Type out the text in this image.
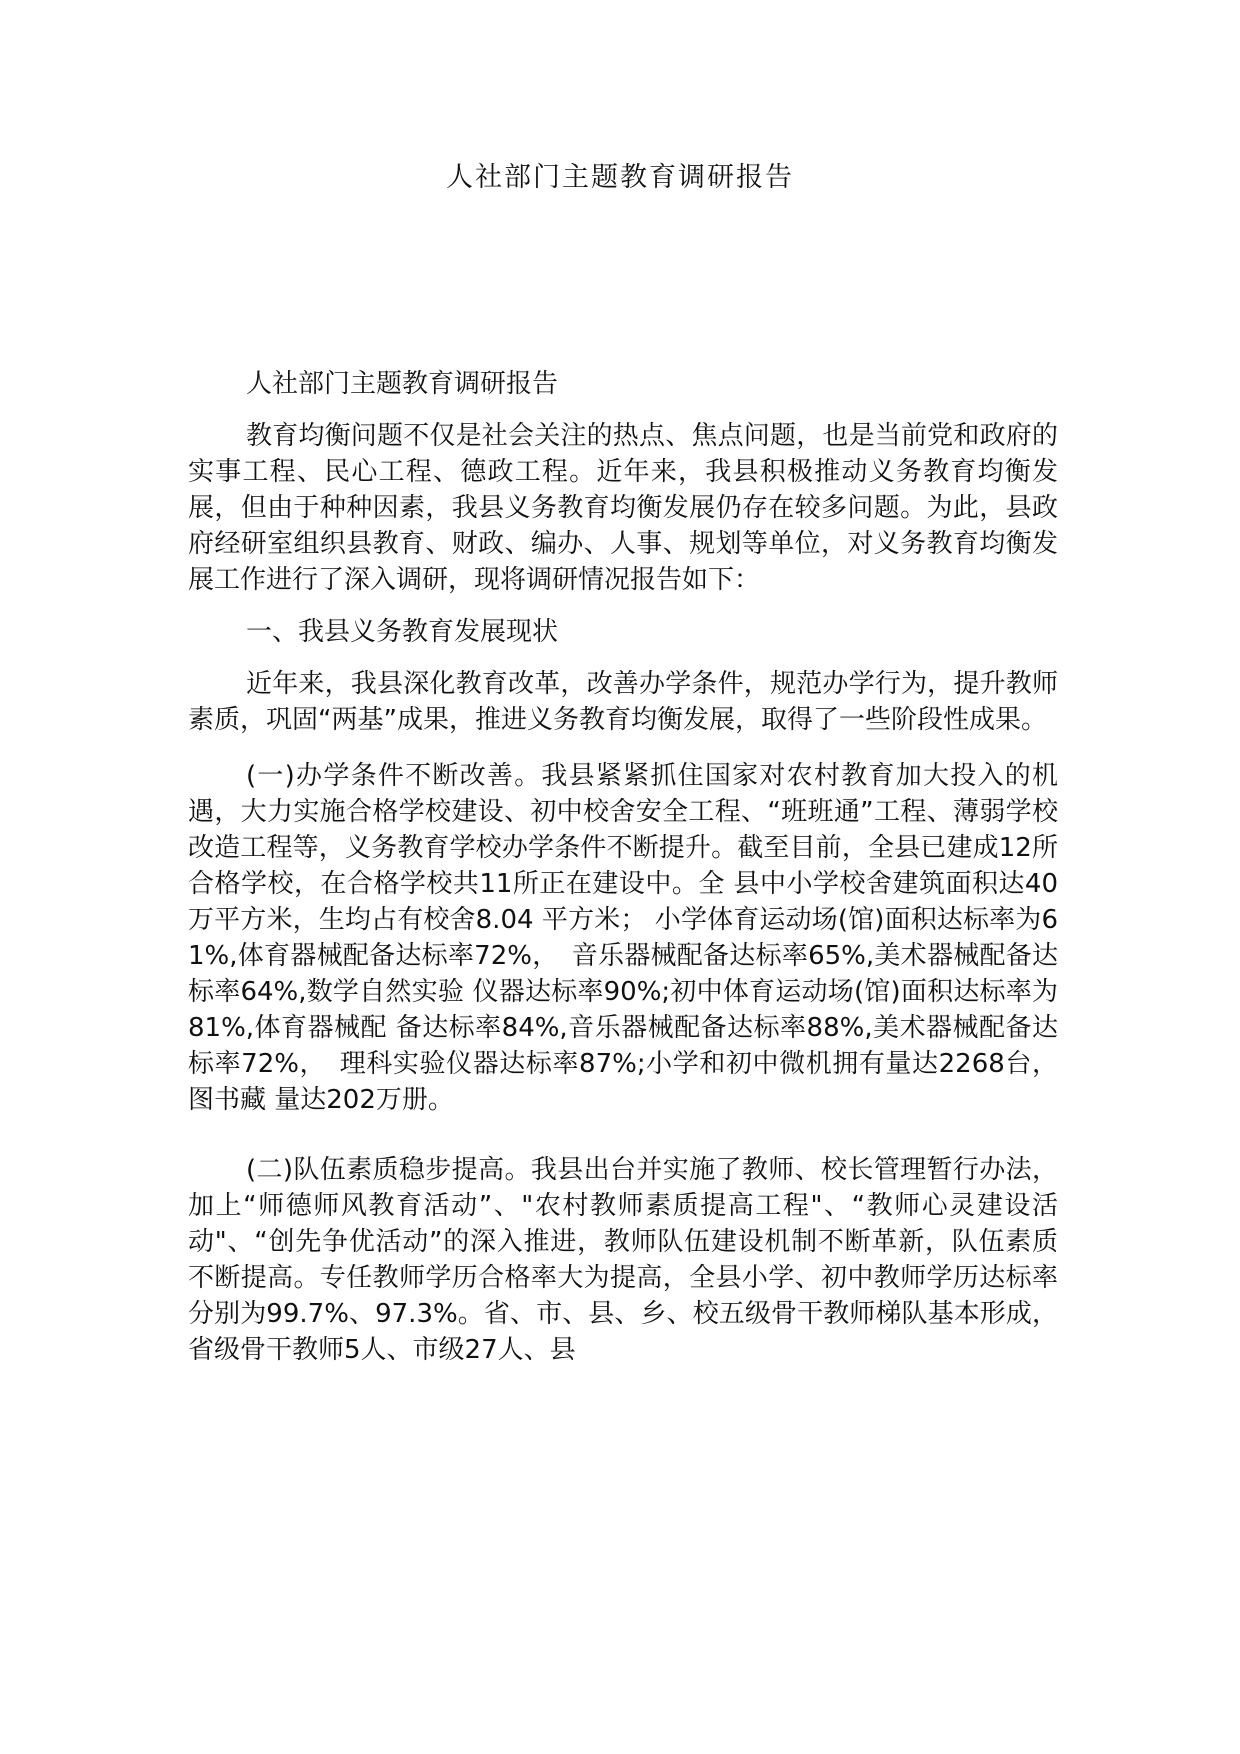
人社部门主题教育调研报告

人社部门主题教育调研报告

教育均衡问题不仅是社会关注的热点、焦点问题，也是当前党和政府的实事工程、民心工程、德政工程。近年来，我县积极推动义务教育均衡发展，但由于种种因素，我县义务教育均衡发展仍存在较多问题。为此，县政府经研室组织县教育、财政、编办、人事、规划等单位，对义务教育均衡发展工作进行了深入调研，现将调研情况报告如下：

一、我县义务教育发展现状

近年来，我县深化教育改革，改善办学条件，规范办学行为，提升教师素质，巩固“两基”成果，推进义务教育均衡发展，取得了一些阶段性成果。

(一)办学条件不断改善。我县紧紧抓住国家对农村教育加大投入的机遇，大力实施合格学校建设、初中校舍安全工程、“班班通”工程、薄弱学校改造工程等，义务教育学校办学条件不断提升。截至目前，全县已建成12所合格学校，在合格学校共11所正在建设中。全 县中小学校舍建筑面积达40万平方米，生均占有校舍8.04 平方米； 小学体育运动场(馆)面积达标率为61%,体育器械配备达标率72%，　音乐器械配备达标率65%,美术器械配备达标率64%,数学自然实验 仪器达标率90%;初中体育运动场(馆)面积达标率为81%,体育器械配 备达标率84%,音乐器械配备达标率88%,美术器械配备达标率72%，　理科实验仪器达标率87%;小学和初中微机拥有量达2268台，图书藏 量达202万册。

(二)队伍素质稳步提高。我县出台并实施了教师、校长管理暂行办法，加上“师德师风教育活动”、"农村教师素质提高工程"、“教师心灵建设活动"、“创先争优活动”的深入推进，教师队伍建设机制不断革新，队伍素质不断提高。专任教师学历合格率大为提高，全县小学、初中教师学历达标率分别为99.7%、97.3%。省、市、县、乡、校五级骨干教师梯队基本形成，省级骨干教师5人、市级27人、县
